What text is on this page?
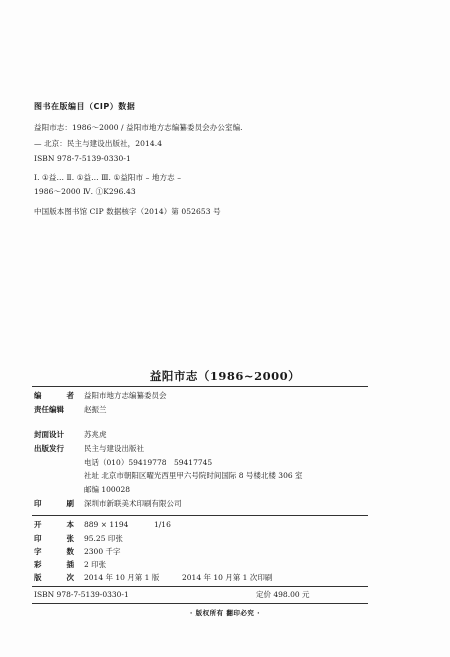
图书在版编目（CIP）数据
益阳市志：1986～2000 / 益阳市地方志编纂委员会办公室编.
— 北京：民主与建设出版社，2014.4
ISBN 978-7-5139-0330-1
Ⅰ. ①益… Ⅱ. ①益… Ⅲ. ①益阳市 – 地方志 –
1986～2000 Ⅳ. ①K296.43
中国版本图书馆 CIP 数据核字（2014）第 052653 号
益阳市志（1986~2000）
编	者 益阳市地方志编纂委员会
责任编辑	赵振兰
封面设计	苏兆虎
出版发行	民主与建设出版社
电话（010）59419778　59417745
社址 北京市朝阳区曜光西里甲六号院时间国际 8 号楼北楼 306 室
邮编 100028
印	刷 深圳市新联美术印刷有限公司
开	本 889 × 1194	1/16
印	张 95.25 印张
字	数 2300 千字
彩	插 2 印张
版	次 2014 年 10 月第 1 版	2014 年 10 月第 1 次印刷
ISBN 978-7-5139-0330-1	定价 498.00 元
· 版权所有 翻印必究 ·
